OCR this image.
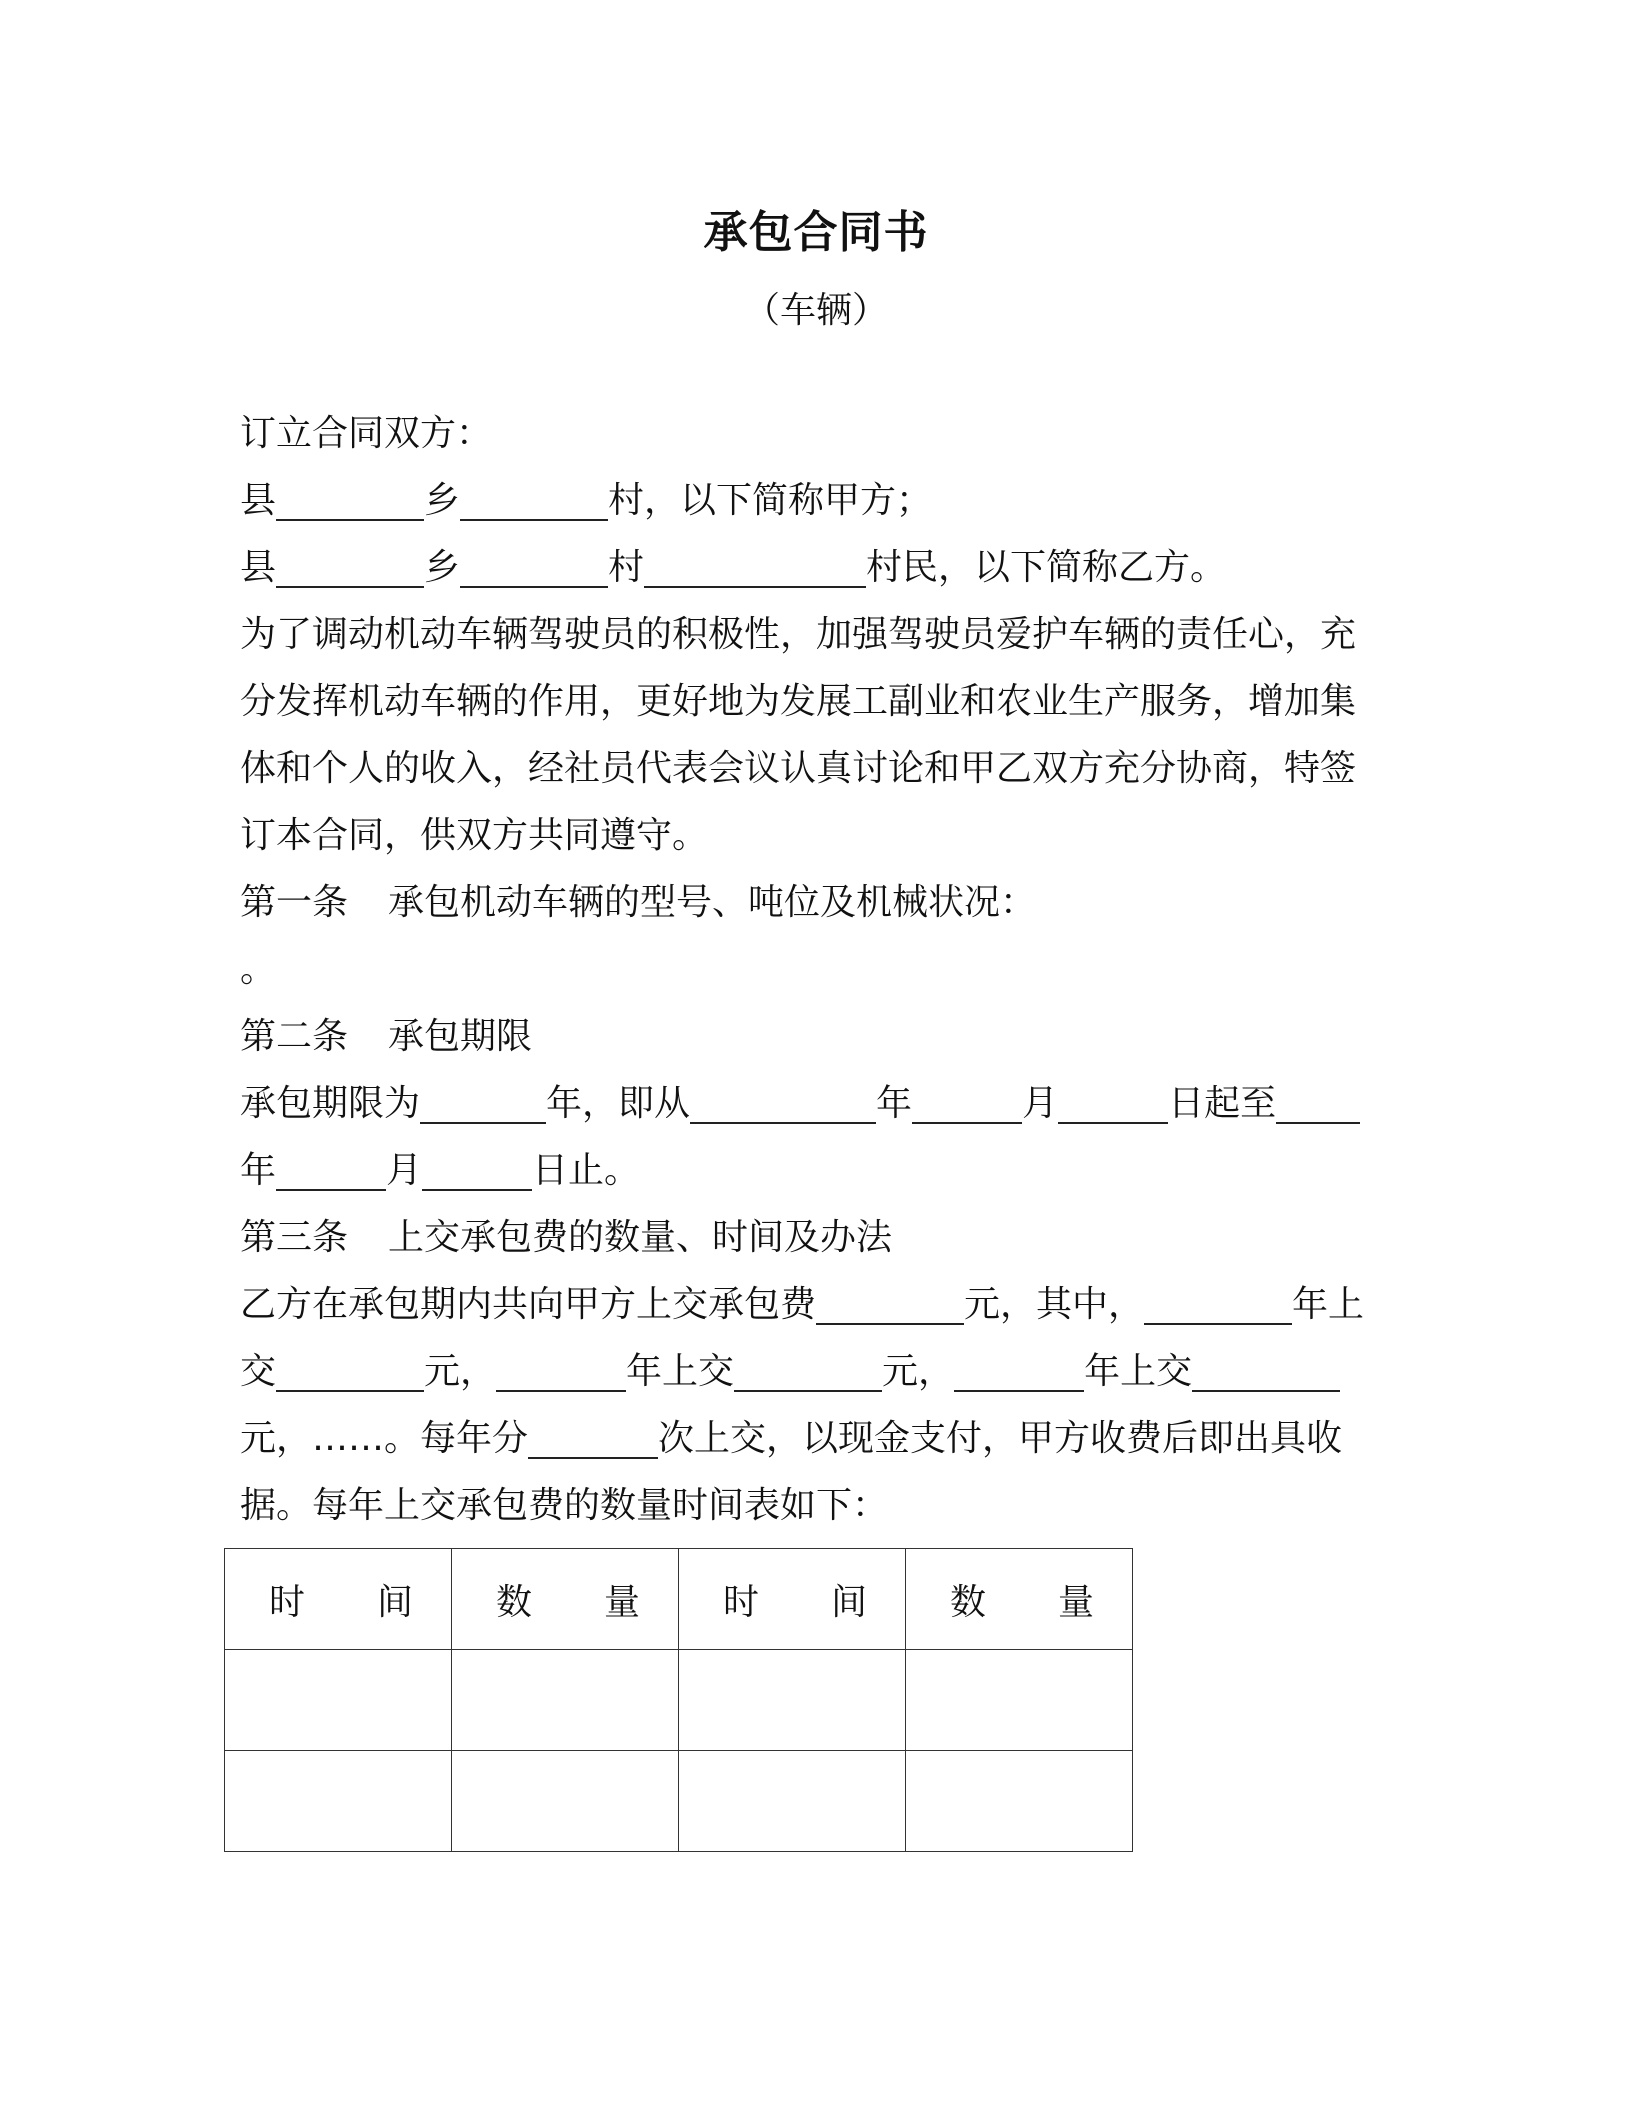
承包合同书
（车辆）
订立合同双方：
县	乡	村，以下简称甲方；
县	乡	村	村民，以下简称乙方。
为了调动机动车辆驾驶员的积极性，加强驾驶员爱护车辆的责任心，充
分发挥机动车辆的作用，更好地为发展工副业和农业生产服务，增加集
体和个人的收入，经社员代表会议认真讨论和甲乙双方充分协商，特签
订本合同，供双方共同遵守。
第一条 承包机动车辆的型号、吨位及机械状况：
。
第二条 承包期限
承包期限为	年，即从	年	月	日起至
年	月	日止。
第三条 上交承包费的数量、时间及办法
乙方在承包期内共向甲方上交承包费	元，其中，	年上
交	元，	年上交	元，	年上交
元，……。每年分	次上交，以现金支付，甲方收费后即出具收
据。每年上交承包费的数量时间表如下：
时 间	数 量	时 间	数 量
